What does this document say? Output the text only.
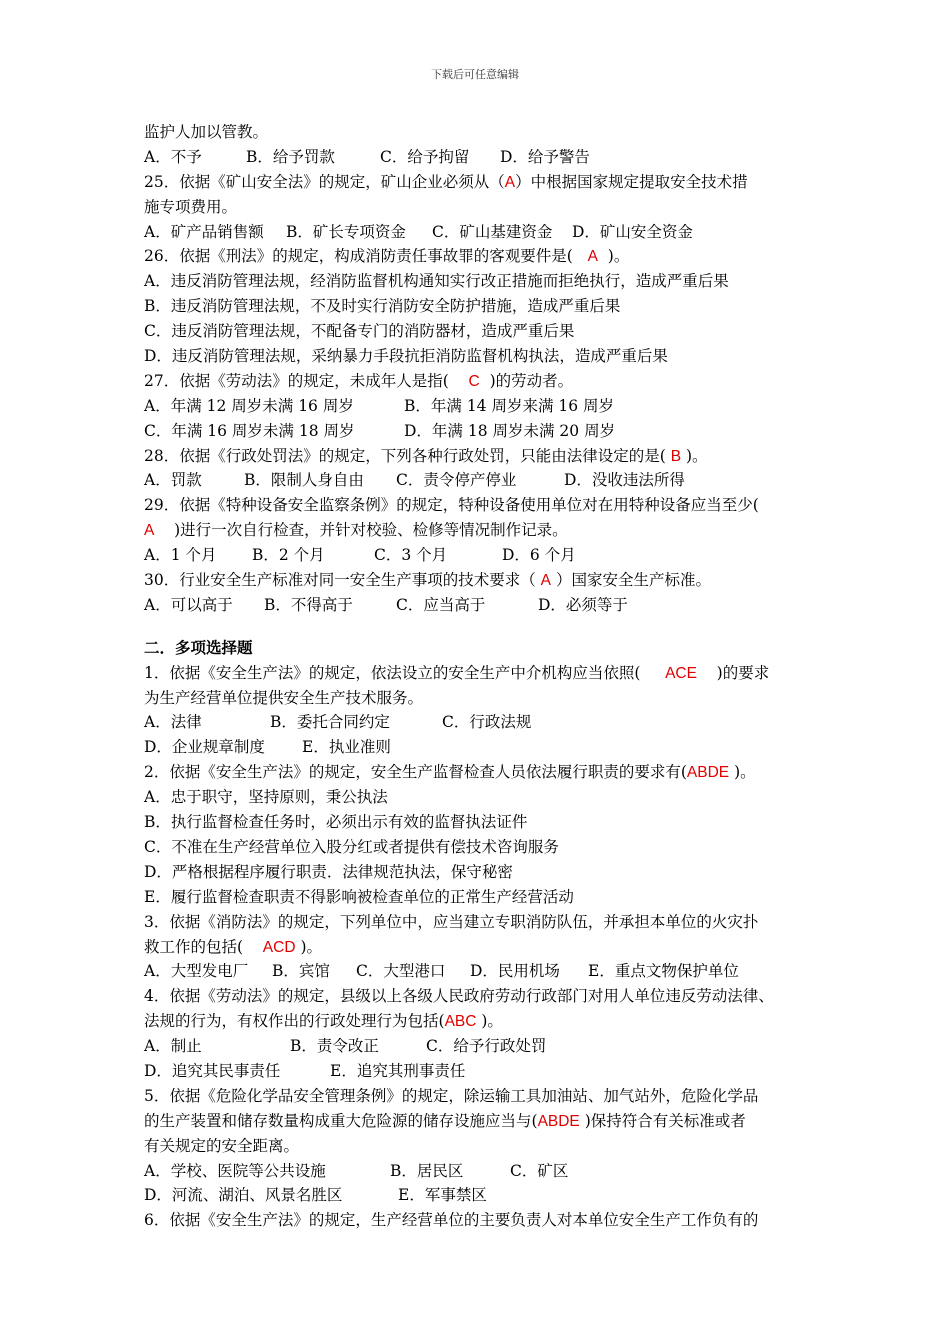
下载后可任意编辑
监护人加以管教。
A．不予	B．给予罚款	C．给予拘留 D．给予警告
25．依据《矿山安全法》的规定，矿山企业必须从（A）中根据国家规定提取安全技术措
施专项费用。
A．矿产品销售额 B．矿长专项资金 C．矿山基建资金 D．矿山安全资金
26．依据《刑法》的规定，构成消防责任事故罪的客观要件是( A )。
A．违反消防管理法规，经消防监督机构通知实行改正措施而拒绝执行，造成严重后果
B．违反消防管理法规，不及时实行消防安全防护措施，造成严重后果
C．违反消防管理法规，不配备专门的消防器材，造成严重后果
D．违反消防管理法规，采纳暴力手段抗拒消防监督机构执法，造成严重后果
27．依据《劳动法》的规定，未成年人是指( C )的劳动者。
A．年满 12 周岁未满 16 周岁	B．年满 14 周岁来满 16 周岁
C．年满 16 周岁未满 18 周岁	D．年满 18 周岁未满 20 周岁
28．依据《行政处罚法》的规定，下列各种行政处罚，只能由法律设定的是( B )。
A．罚款	B．限制人身自由 C．责令停产停业	D．没收违法所得
29．依据《特种设备安全监察条例》的规定，特种设备使用单位对在用特种设备应当至少(
A )进行一次自行检查，并针对校验、检修等情况制作记录。
A．1 个月 B．2 个月	C．3 个月	D．6 个月
30．行业安全生产标准对同一安全生产事项的技术要求（ A ）国家安全生产标准。
A．可以高于 B．不得高于	C．应当高于	D．必须等于
二．多项选择题
1．依据《安全生产法》的规定，依法设立的安全生产中介机构应当依照( ACE )的要求
为生产经营单位提供安全生产技术服务。
A．法律	B．委托合同约定	C．行政法规
D．企业规章制度 E．执业准则
2．依据《安全生产法》的规定，安全生产监督检查人员依法履行职责的要求有(ABDE )。
A．忠于职守，坚持原则，秉公执法
B．执行监督检查任务时，必须出示有效的监督执法证件
C．不准在生产经营单位入股分红或者提供有偿技术咨询服务
D．严格根据程序履行职责．法律规范执法，保守秘密
E．履行监督检查职责不得影响被检查单位的正常生产经营活动
3．依据《消防法》的规定，下列单位中，应当建立专职消防队伍，并承担本单位的火灾扑
救工作的包括( ACD )。
A．大型发电厂 B．宾馆 C．大型港口 D．民用机场 E．重点文物保护单位
4．依据《劳动法》的规定，县级以上各级人民政府劳动行政部门对用人单位违反劳动法律、
法规的行为，有权作出的行政处理行为包括(ABC )。
A．制止	B．责令改正	C．给予行政处罚
D．追究其民事责任	E．追究其刑事责任
5．依据《危险化学品安全管理条例》的规定，除运输工具加油站、加气站外，危险化学品
的生产装置和储存数量构成重大危险源的储存设施应当与(ABDE )保持符合有关标准或者
有关规定的安全距离。
A．学校、医院等公共设施	B．居民区	C．矿区
D．河流、湖泊、风景名胜区	E．军事禁区
6．依据《安全生产法》的规定，生产经营单位的主要负责人对本单位安全生产工作负有的
